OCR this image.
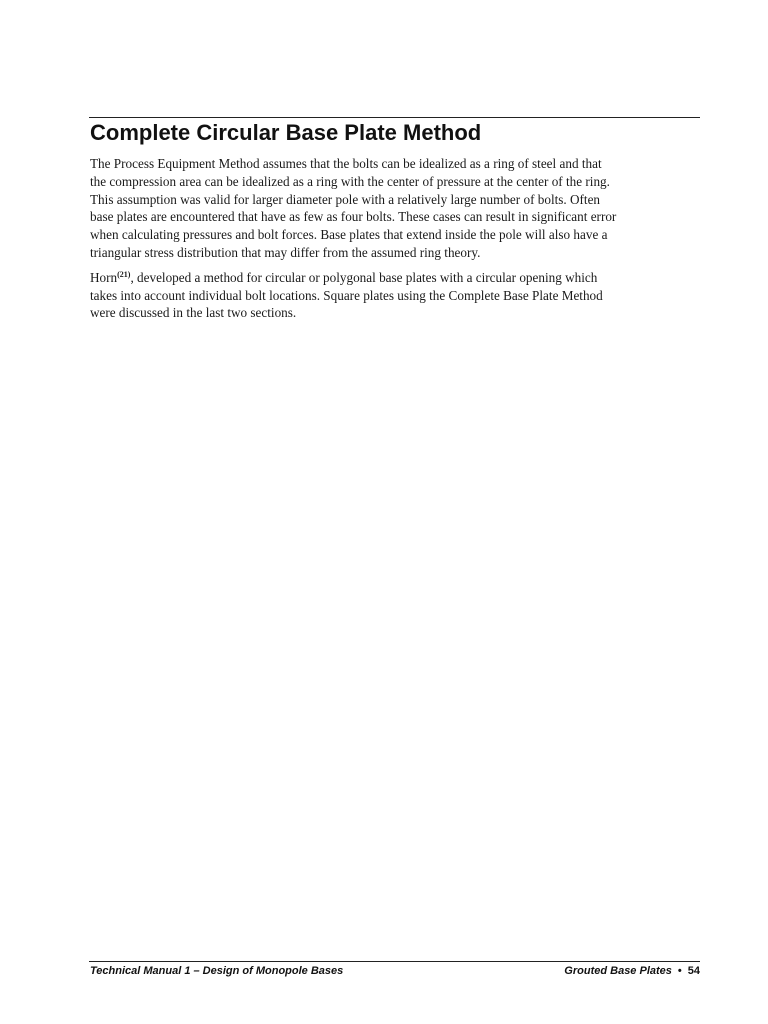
Complete Circular Base Plate Method

The Process Equipment Method assumes that the bolts can be idealized as a ring of steel and that
the compression area can be idealized as a ring with the center of pressure at the center of the ring.
This assumption was valid for larger diameter pole with a relatively large number of bolts. Often
base plates are encountered that have as few as four bolts. These cases can result in significant error
when calculating pressures and bolt forces. Base plates that extend inside the pole will also have a
triangular stress distribution that may differ from the assumed ring theory.

Horn$^{(21)}$, developed a method for circular or polygonal base plates with a circular opening which
takes into account individual bolt locations. Square plates using the Complete Base Plate Method
were discussed in the last two sections.

Technical Manual 1 – Design of Monopole Bases	Grouted Base Plates • 54
